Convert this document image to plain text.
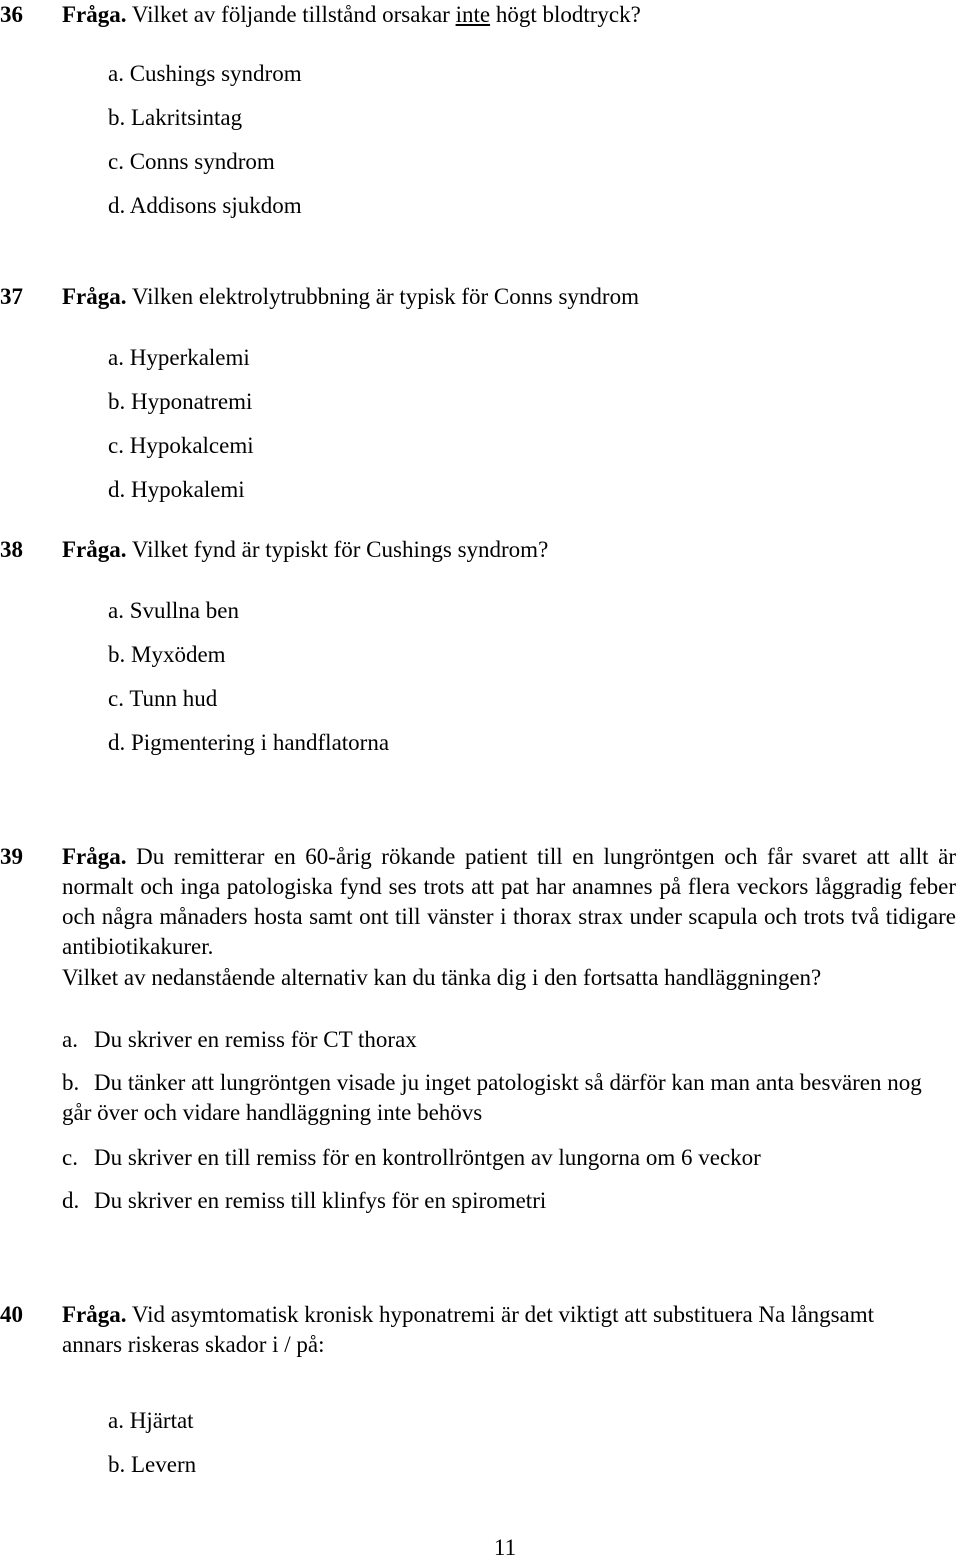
36 Fråga. Vilket av följande tillstånd orsakar inte högt blodtryck?
a. Cushings syndrom
b. Lakritsintag
c. Conns syndrom
d. Addisons sjukdom
37 Fråga. Vilken elektrolytrubbning är typisk för Conns syndrom
a. Hyperkalemi
b. Hyponatremi
c. Hypokalcemi
d. Hypokalemi
38 Fråga. Vilket fynd är typiskt för Cushings syndrom?
a. Svullna ben
b. Myxödem
c. Tunn hud
d. Pigmentering i handflatorna
39 Fråga. Du remitterar en 60-årig rökande patient till en lungröntgen och får svaret att allt är normalt och inga patologiska fynd ses trots att pat har anamnes på flera veckors låggradig feber och några månaders hosta samt ont till vänster i thorax strax under scapula och trots två tidigare antibiotikakurer.
Vilket av nedanstående alternativ kan du tänka dig i den fortsatta handläggningen?
a. Du skriver en remiss för CT thorax
b. Du tänker att lungröntgen visade ju inget patologiskt så därför kan man anta besvären nog går över och vidare handläggning inte behövs
c. Du skriver en till remiss för en kontrollröntgen av lungorna om 6 veckor
d. Du skriver en remiss till klinfys för en spirometri
40 Fråga. Vid asymtomatisk kronisk hyponatremi är det viktigt att substituera Na långsamt annars riskeras skador i / på:
a. Hjärtat
b. Levern
11
